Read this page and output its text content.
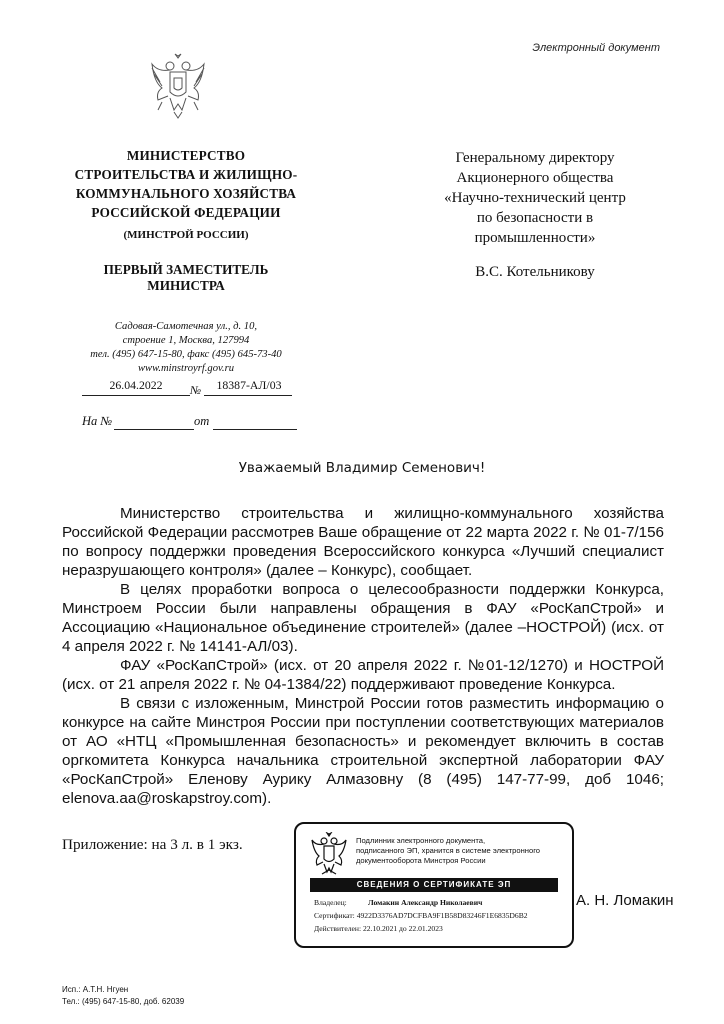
Электронный документ
МИНИСТЕРСТВО
СТРОИТЕЛЬСТВА И ЖИЛИЩНО-
КОММУНАЛЬНОГО ХОЗЯЙСТВА
РОССИЙСКОЙ ФЕДЕРАЦИИ
(МИНСТРОЙ РОССИИ)
ПЕРВЫЙ ЗАМЕСТИТЕЛЬ
МИНИСТРА
Садовая-Самотечная ул., д. 10,
строение 1, Москва, 127994
тел. (495) 647-15-80, факс (495) 645-73-40
www.minstroyrf.gov.ru
26.04.2022	№	18387-АЛ/03
На №	от
Генеральному директору
Акционерного общества
«Научно-технический центр
по безопасности в
промышленности»
В.С. Котельникову
Уважаемый Владимир Семенович!

Министерство строительства и жилищно-коммунального хозяйства Российской Федерации рассмотрев Ваше обращение от 22 марта 2022 г. № 01-7/156 по вопросу поддержки проведения Всероссийского конкурса «Лучший специалист неразрушающего контроля» (далее – Конкурс), сообщает.

В целях проработки вопроса о целесообразности поддержки Конкурса, Минстроем России были направлены обращения в ФАУ «РосКапСтрой» и Ассоциацию «Национальное объединение строителей» (далее –НОСТРОЙ) (исх. от 4 апреля 2022 г. № 14141-АЛ/03).

ФАУ «РосКапСтрой» (исх. от 20 апреля 2022 г. №01-12/1270) и НОСТРОЙ (исх. от 21 апреля 2022 г. № 04-1384/22) поддерживают проведение Конкурса.

В связи с изложенным, Минстрой России готов разместить информацию о конкурсе на сайте Минстроя России при поступлении соответствующих материалов от АО «НТЦ «Промышленная безопасность» и рекомендует включить в состав оргкомитета Конкурса начальника строительной экспертной лаборатории ФАУ «РосКапСтрой» Еленову Аурику Алмазовну (8 (495) 147-77-99, доб 1046; elenova.aa@roskapstroy.com).

Приложение: на 3 л. в 1 экз.	Подлинник электронного документа,
подписанного ЭП, хранится в системе электронного
документооборота Минстроя России
СВЕДЕНИЯ О СЕРТИФИКАТЕ ЭП
Владелец:	Ломакин Александр Николаевич
Сертификат: 4922D3376AD7DCFBA9F1B58D83246F1E6835D6B2
Действителен: 22.10.2021 до 22.01.2023
А. Н. Ломакин
Исп.: А.Т.Н. Нгуен
Тел.: (495) 647-15-80, доб. 62039
